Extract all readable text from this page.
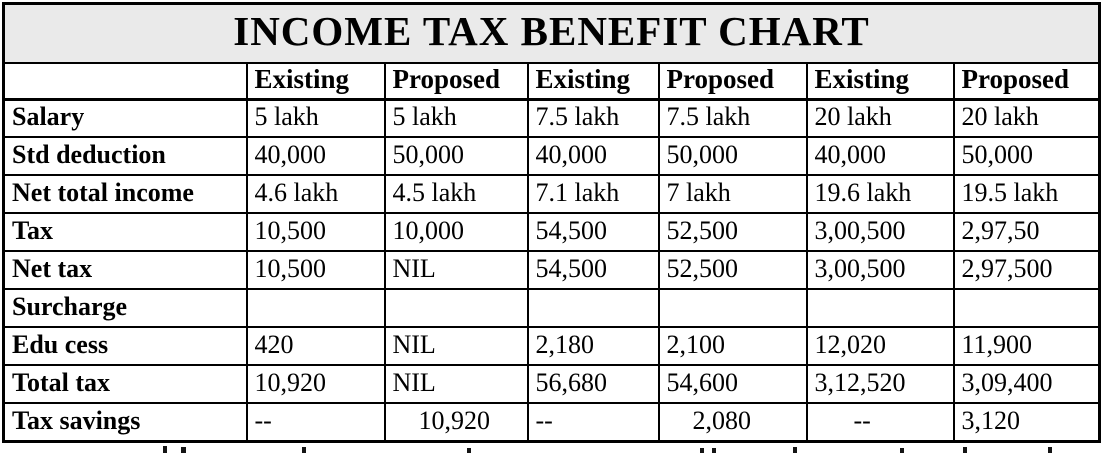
INCOME TAX BENEFIT CHART						
	Existing	Proposed	Existing	Proposed	Existing	Proposed
Salary	5 lakh	5 lakh	7.5 lakh	7.5 lakh	20 lakh	20 lakh
Std deduction	40,000	50,000	40,000	50,000	40,000	50,000
Net total income	4.6 lakh	4.5 lakh	7.1 lakh	7 lakh	19.6 lakh	19.5 lakh
Tax	10,500	10,000	54,500	52,500	3,00,500	2,97,50
Net tax	10,500	NIL	54,500	52,500	3,00,500	2,97,500
Surcharge						
Edu cess	420	NIL	2,180	2,100	12,020	11,900
Total tax	10,920	NIL	56,680	54,600	3,12,520	3,09,400
Tax savings	--	10,920	--	2,080	--	3,120
